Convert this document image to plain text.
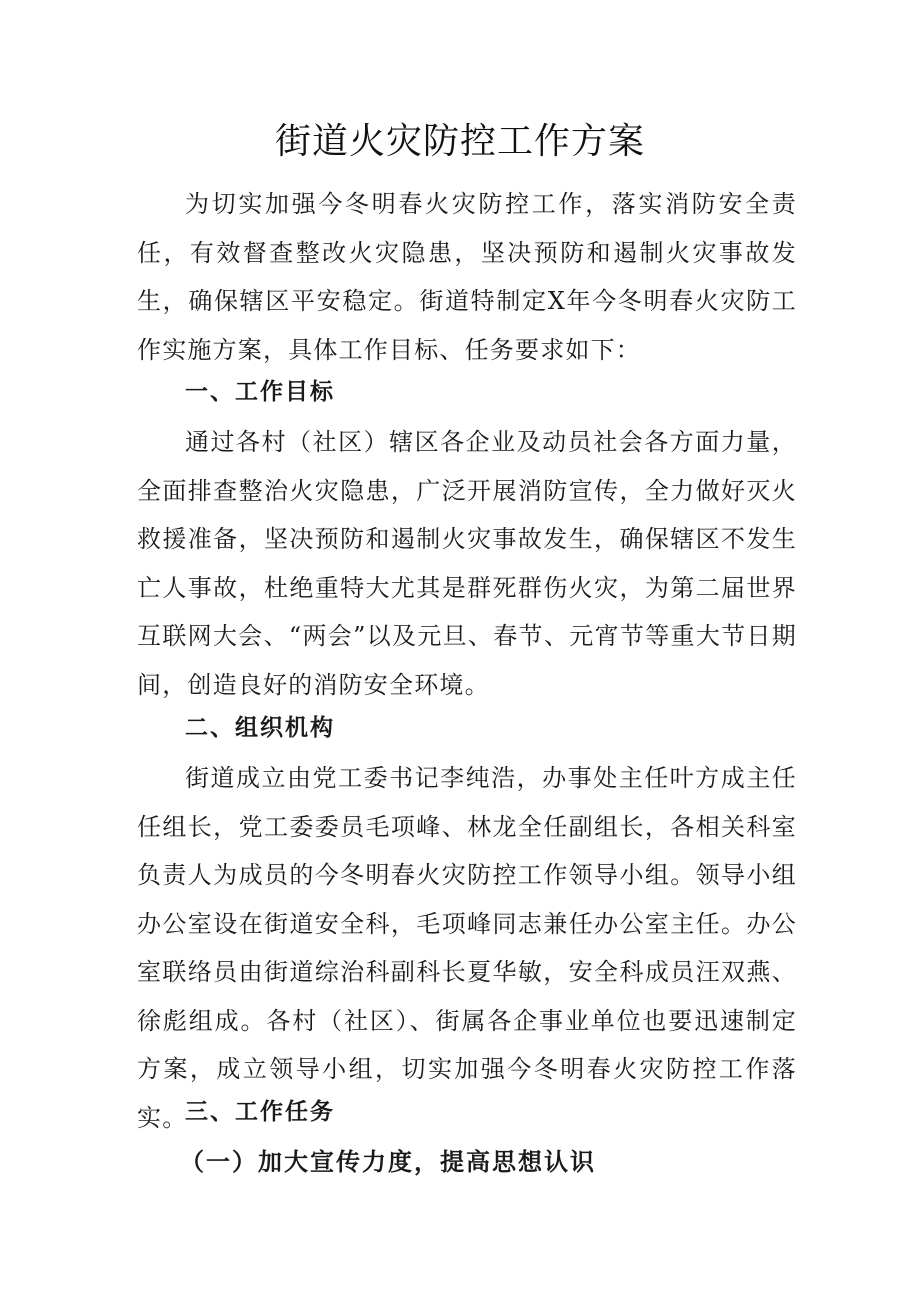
街道火灾防控工作方案
为切实加强今冬明春火灾防控工作，落实消防安全责任，有效督查整改火灾隐患，坚决预防和遏制火灾事故发生，确保辖区平安稳定。街道特制定X年今冬明春火灾防工作实施方案，具体工作目标、任务要求如下：
一、工作目标
通过各村（社区）辖区各企业及动员社会各方面力量，全面排查整治火灾隐患，广泛开展消防宣传，全力做好灭火救援准备，坚决预防和遏制火灾事故发生，确保辖区不发生亡人事故，杜绝重特大尤其是群死群伤火灾，为第二届世界互联网大会、“两会”以及元旦、春节、元宵节等重大节日期间，创造良好的消防安全环境。
二、组织机构
街道成立由党工委书记李纯浩，办事处主任叶方成主任任组长，党工委委员毛项峰、林龙全任副组长，各相关科室负责人为成员的今冬明春火灾防控工作领导小组。领导小组办公室设在街道安全科，毛项峰同志兼任办公室主任。办公室联络员由街道综治科副科长夏华敏，安全科成员汪双燕、徐彪组成。各村（社区）、街属各企事业单位也要迅速制定方案，成立领导小组，切实加强今冬明春火灾防控工作落实。
三、工作任务
（一）加大宣传力度，提高思想认识
